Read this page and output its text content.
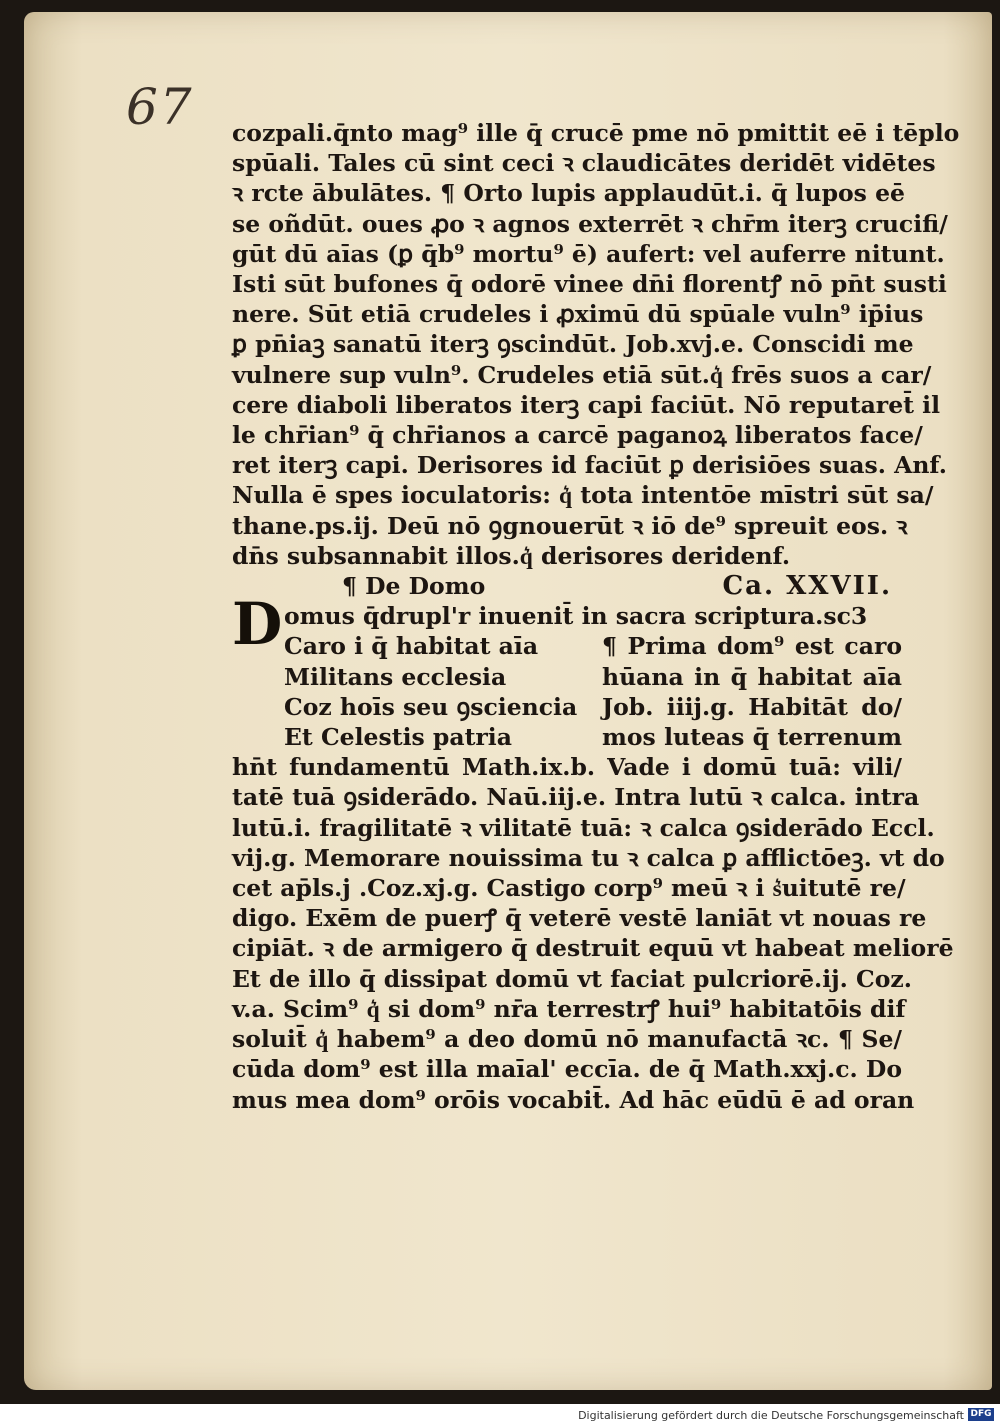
67 cozpali.q̄nto mag⁹ ille q̄ crucē pme nō pmittit eē i tēplo
spūali. Tales cū sint ceci ꝛ claudicātes deridēt vidētes
ꝛ rcte ābulātes. ¶ Orto lupis applaudūt.i. q̄ lupos eē
se oñdūt. oues ꝓo ꝛ agnos exterrēt ꝛ chr̄m iterꝫ crucifi/
gūt dū aīas (ꝑ q̄b⁹ mortu⁹ ē) aufert: vel auferre nitunt.
Isti sūt bufones q̄ odorē vinee dn̄i florentꝭ nō pn̄t susti
nere. Sūt etiā crudeles i ꝓximū dū spūale vuln⁹ ip̄ius
ꝑ pn̄iaꝫ sanatū iterꝫ ꝯscindūt. Job.xvj.e. Conscidi me
vulnere sup vuln⁹. Crudeles etiā sūt.q͛ frēs suos a car/
cere diaboli liberatos iterꝫ capi faciūt. Nō reputaret̄ il
le chr̄ian⁹ q̄ chr̄ianos a carcē paganoꝝ liberatos face/
ret iterꝫ capi. Derisores id faciūt ꝑ derisiōes suas. Anf.
Nulla ē spes ioculatoris: q͛ tota intentōe mīstri sūt sa/
thane.ps.ij. Deū nō ꝯgnouerūt ꝛ iō de⁹ spreuit eos. ꝛ
dn̄s subsannabit illos.q͛ derisores deridenf.
¶ De Domo	Ca. XXVII.
D omus q̄drupl'r inuenit̄ in sacra scriptura.sc3
Caro i q̄ habitat aīa
Militans ecclesia
Coz hoīs seu ꝯsciencia
Et Celestis patria
¶ Prima dom⁹ est caro
hūana in q̄ habitat aīa
Job. iiij.g. Habitāt do/
mos luteas q̄ terrenum
hn̄t fundamentū Math.ix.b. Vade i domū tuā: vili/
tatē tuā ꝯsiderādo. Naū.iij.e. Intra lutū ꝛ calca. intra
lutū.i. fragilitatē ꝛ vilitatē tuā: ꝛ calca ꝯsiderādo Eccl.
vij.g. Memorare nouissima tu ꝛ calca ꝑ afflictōeꝫ. vt do
cet ap̄ls.j .Coz.xj.g. Castigo corp⁹ meū ꝛ i s͛uitutē re/
digo. Exēm de puerꝭ q̄ veterē vestē laniāt vt nouas re
cipiāt. ꝛ de armigero q̄ destruit equū vt habeat meliorē
Et de illo q̄ dissipat domū vt faciat pulcriorē.ij. Coz.
v.a. Scim⁹ q͛ si dom⁹ nr̄a terrestrꝭ hui⁹ habitatōis dif
soluit̄ q͛ habem⁹ a deo domū nō manufactā ꝛc. ¶ Se/
cūda dom⁹ est illa maīal' eccīa. de q̄ Math.xxj.c. Do
mus mea dom⁹ orōis vocabit̄. Ad hāc eūdū ē ad oran
Digitalisierung gefördert durch die Deutsche Forschungsgemeinschaft DFG
